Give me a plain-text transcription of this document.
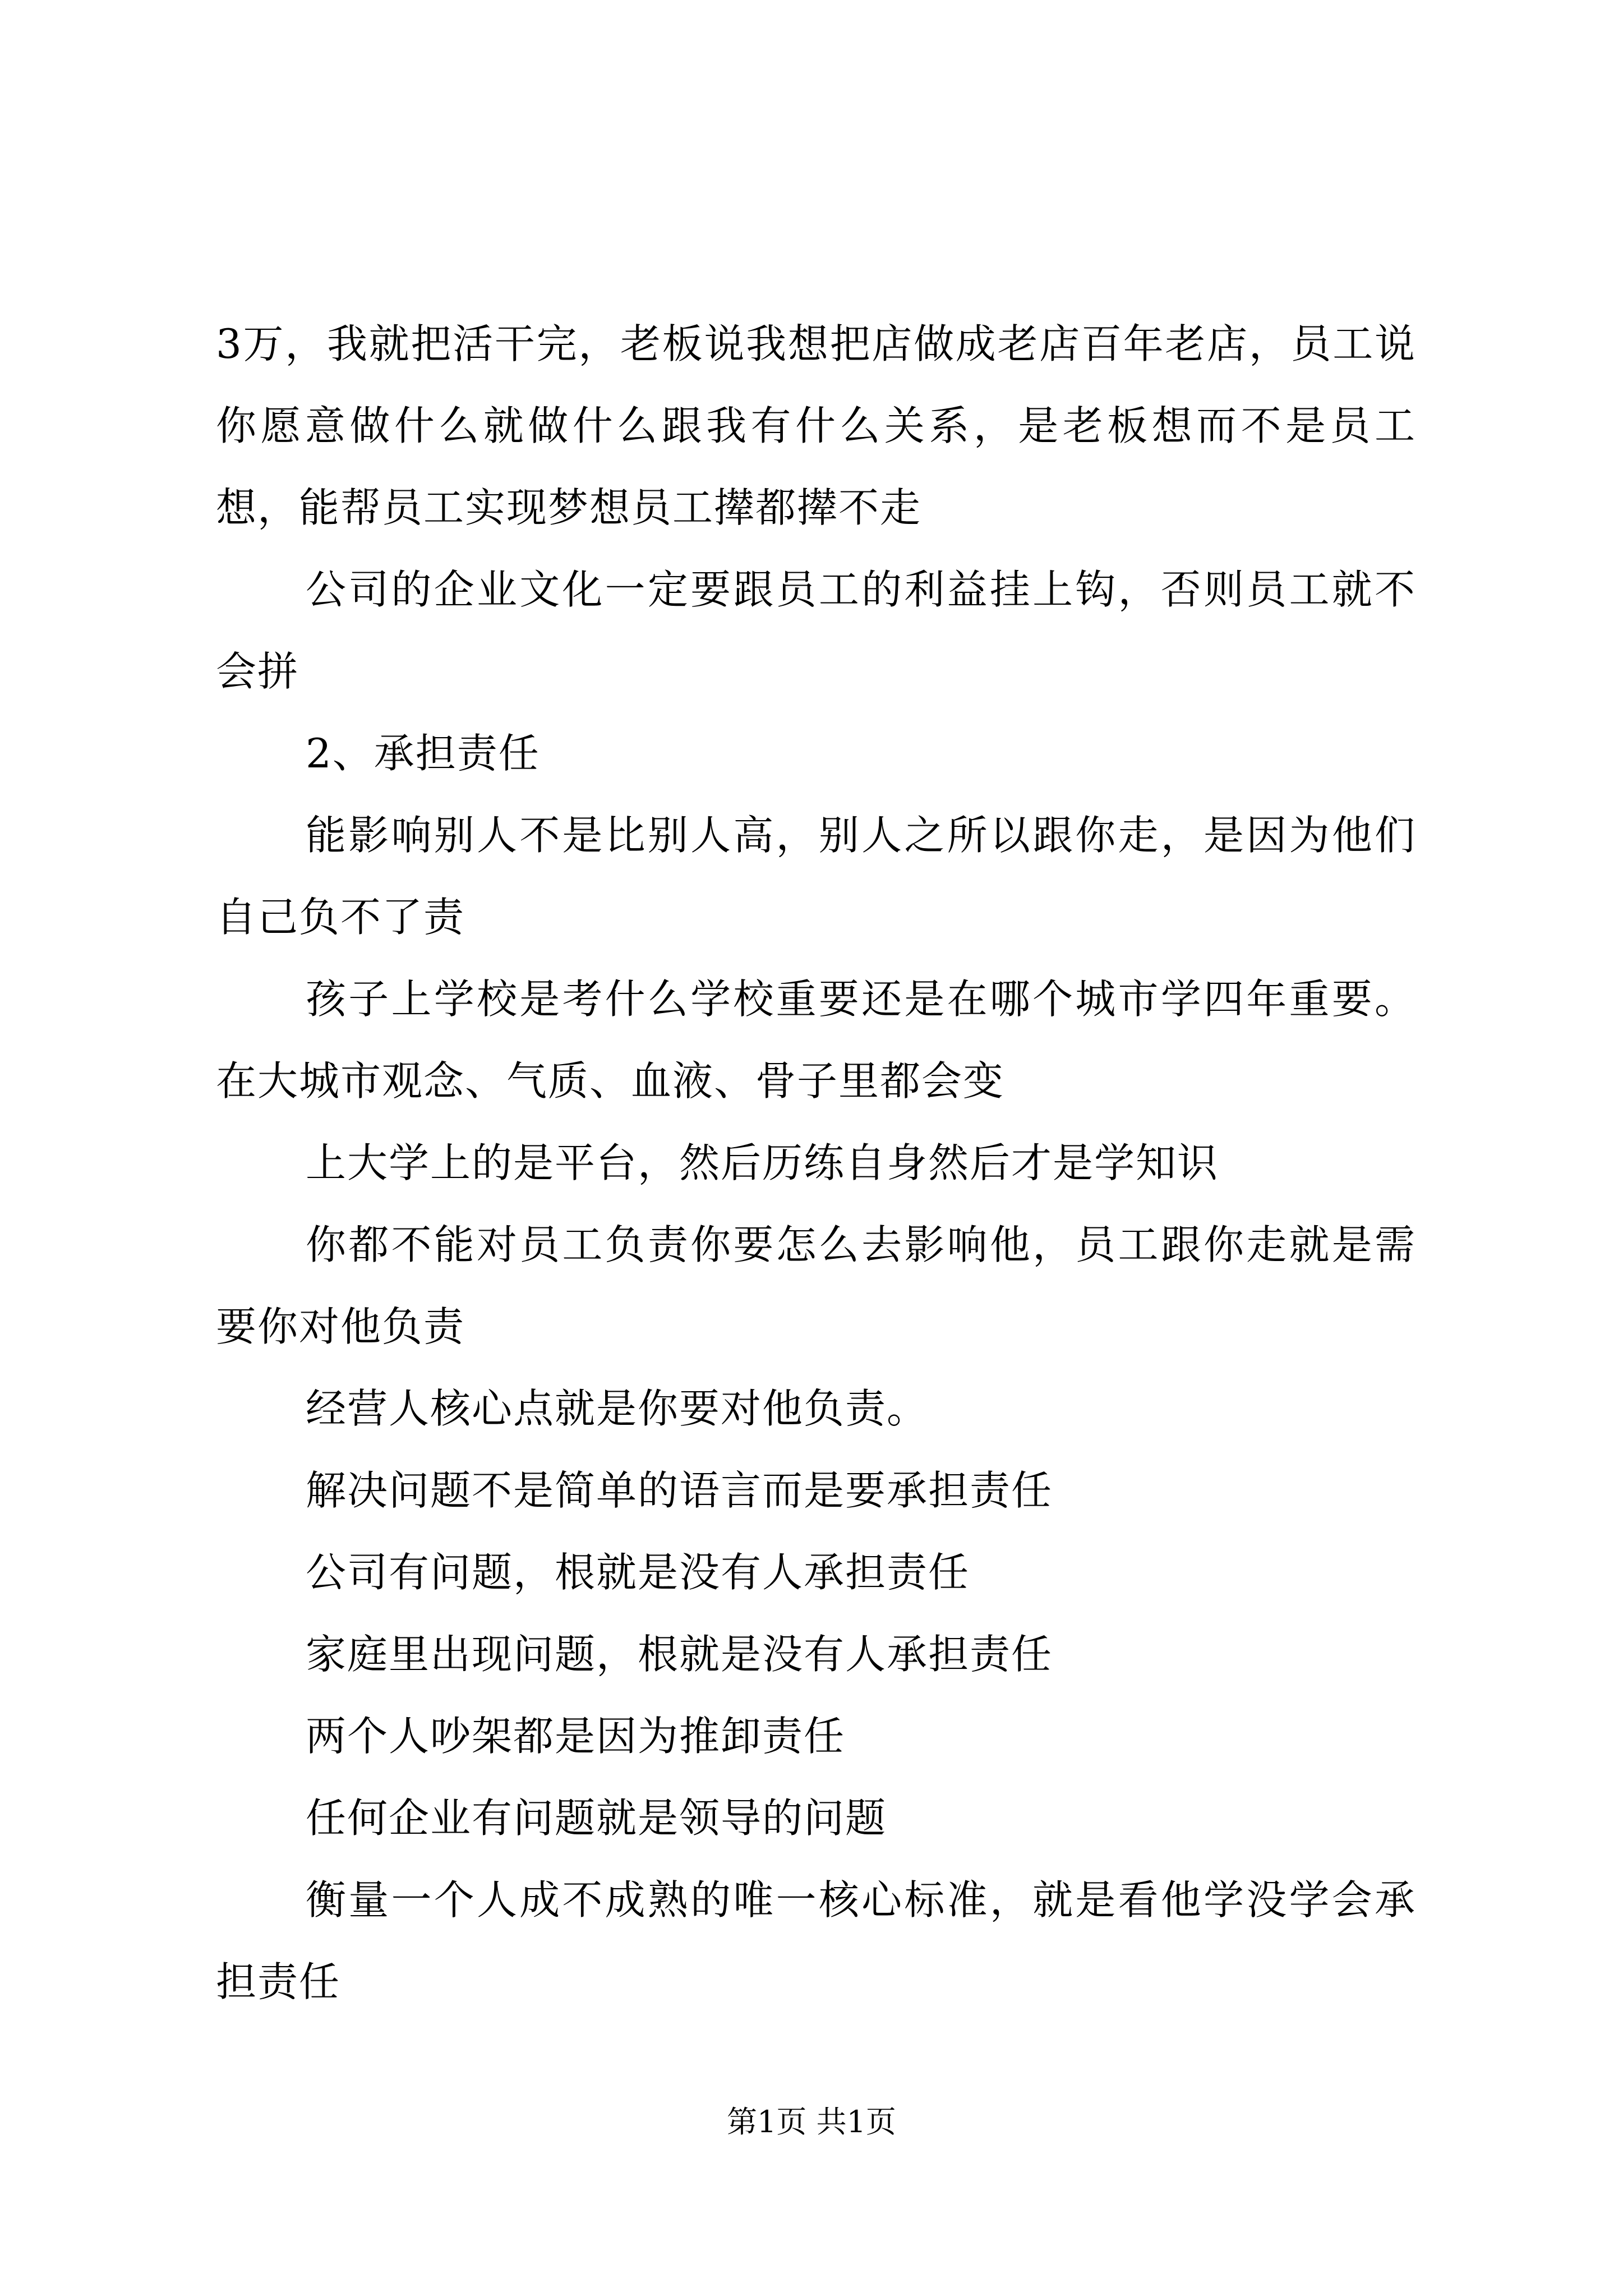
3万，我就把活干完，老板说我想把店做成老店百年老店，员工说你愿意做什么就做什么跟我有什么关系，是老板想而不是员工想，能帮员工实现梦想员工撵都撵不走

公司的企业文化一定要跟员工的利益挂上钩，否则员工就不会拼

2、承担责任

能影响别人不是比别人高，别人之所以跟你走，是因为他们自己负不了责

孩子上学校是考什么学校重要还是在哪个城市学四年重要。在大城市观念、气质、血液、骨子里都会变

上大学上的是平台，然后历练自身然后才是学知识

你都不能对员工负责你要怎么去影响他，员工跟你走就是需要你对他负责

经营人核心点就是你要对他负责。

解决问题不是简单的语言而是要承担责任

公司有问题，根就是没有人承担责任

家庭里出现问题，根就是没有人承担责任

两个人吵架都是因为推卸责任

任何企业有问题就是领导的问题

衡量一个人成不成熟的唯一核心标准，就是看他学没学会承担责任

第1页 共1页
